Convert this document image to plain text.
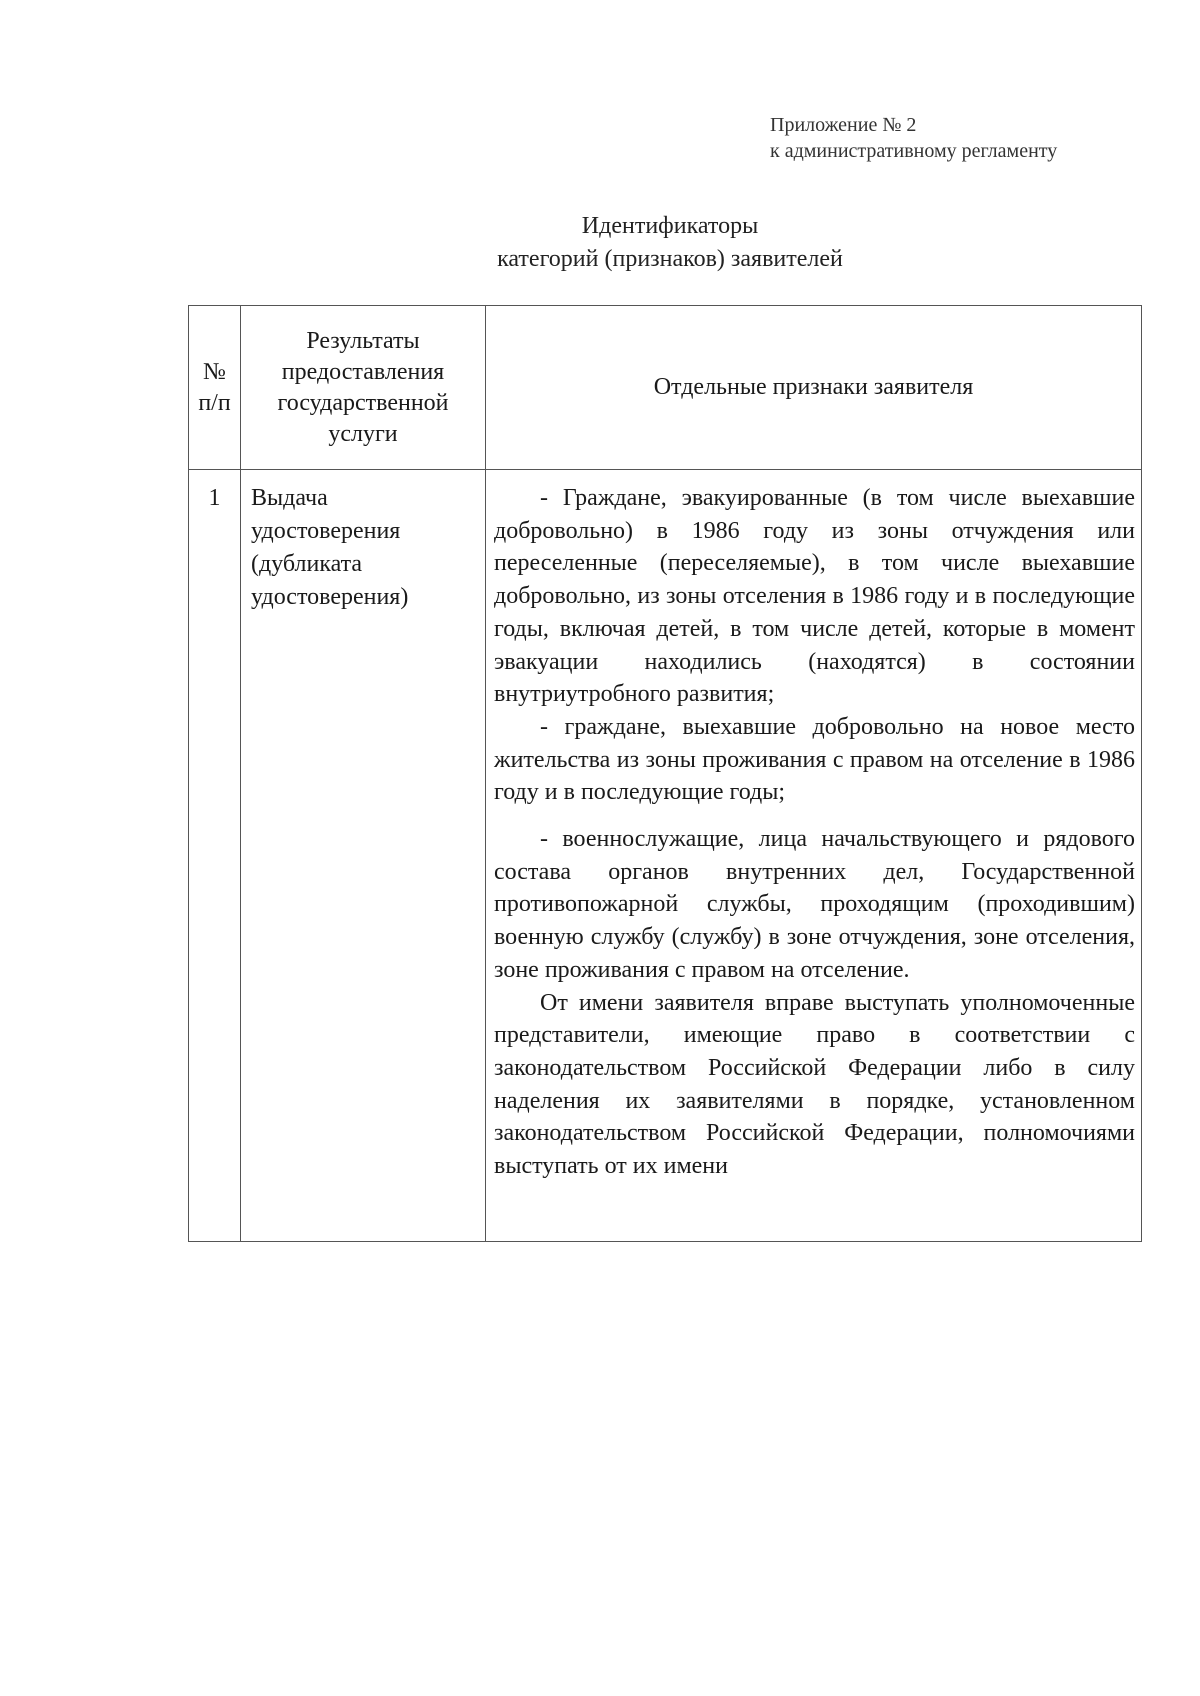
Приложение № 2
к административному регламенту
Идентификаторы
категорий (признаков) заявителей
№ п/п	Результаты предоставления государственной услуги	Отдельные признаки заявителя
1	Выдача удостоверения (дубликата удостоверения)	- Граждане, эвакуированные (в том числе выехавшие добровольно) в 1986 году из зоны отчуждения или переселенные (переселяемые), в том числе выехавшие добровольно, из зоны отселения в 1986 году и в последующие годы, включая детей, в том числе детей, которые в момент эвакуации находились (находятся) в состоянии внутриутробного развития;

- граждане, выехавшие добровольно на новое место жительства из зоны проживания с правом на отселение в 1986 году и в последующие годы;

- военнослужащие, лица начальствующего и рядового состава органов внутренних дел, Государственной противопожарной службы, проходящим (проходившим) военную службу (службу) в зоне отчуждения, зоне отселения, зоне проживания с правом на отселение.

От имени заявителя вправе выступать уполномоченные представители, имеющие право в соответствии с законодательством Российской Федерации либо в силу наделения их заявителями в порядке, установленном законодательством Российской Федерации, полномочиями выступать от их имени
